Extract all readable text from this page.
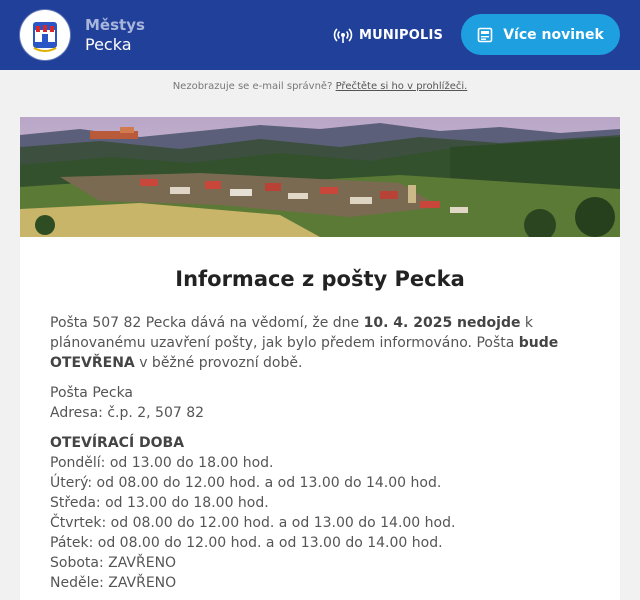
Městys
Pecka	MUNIPOLIS	Více novinek
Nezobrazuje se e-mail správně? Přečtěte si ho v prohlížeči.
Informace z pošty Pecka

Pošta 507 82 Pecka dává na vědomí, že dne 10. 4. 2025 nedojde k plánovanému uzavření pošty, jak bylo předem informováno. Pošta bude OTEVŘENA v běžné provozní době.

Pošta Pecka

Adresa: č.p. 2, 507 82

OTEVÍRACÍ DOBA

Pondělí: od 13.00 do 18.00 hod.

Úterý: od 08.00 do 12.00 hod. a od 13.00 do 14.00 hod.

Středa: od 13.00 do 18.00 hod.

Čtvrtek: od 08.00 do 12.00 hod. a od 13.00 do 14.00 hod.

Pátek: od 08.00 do 12.00 hod. a od 13.00 do 14.00 hod.

Sobota: ZAVŘENO

Neděle: ZAVŘENO
